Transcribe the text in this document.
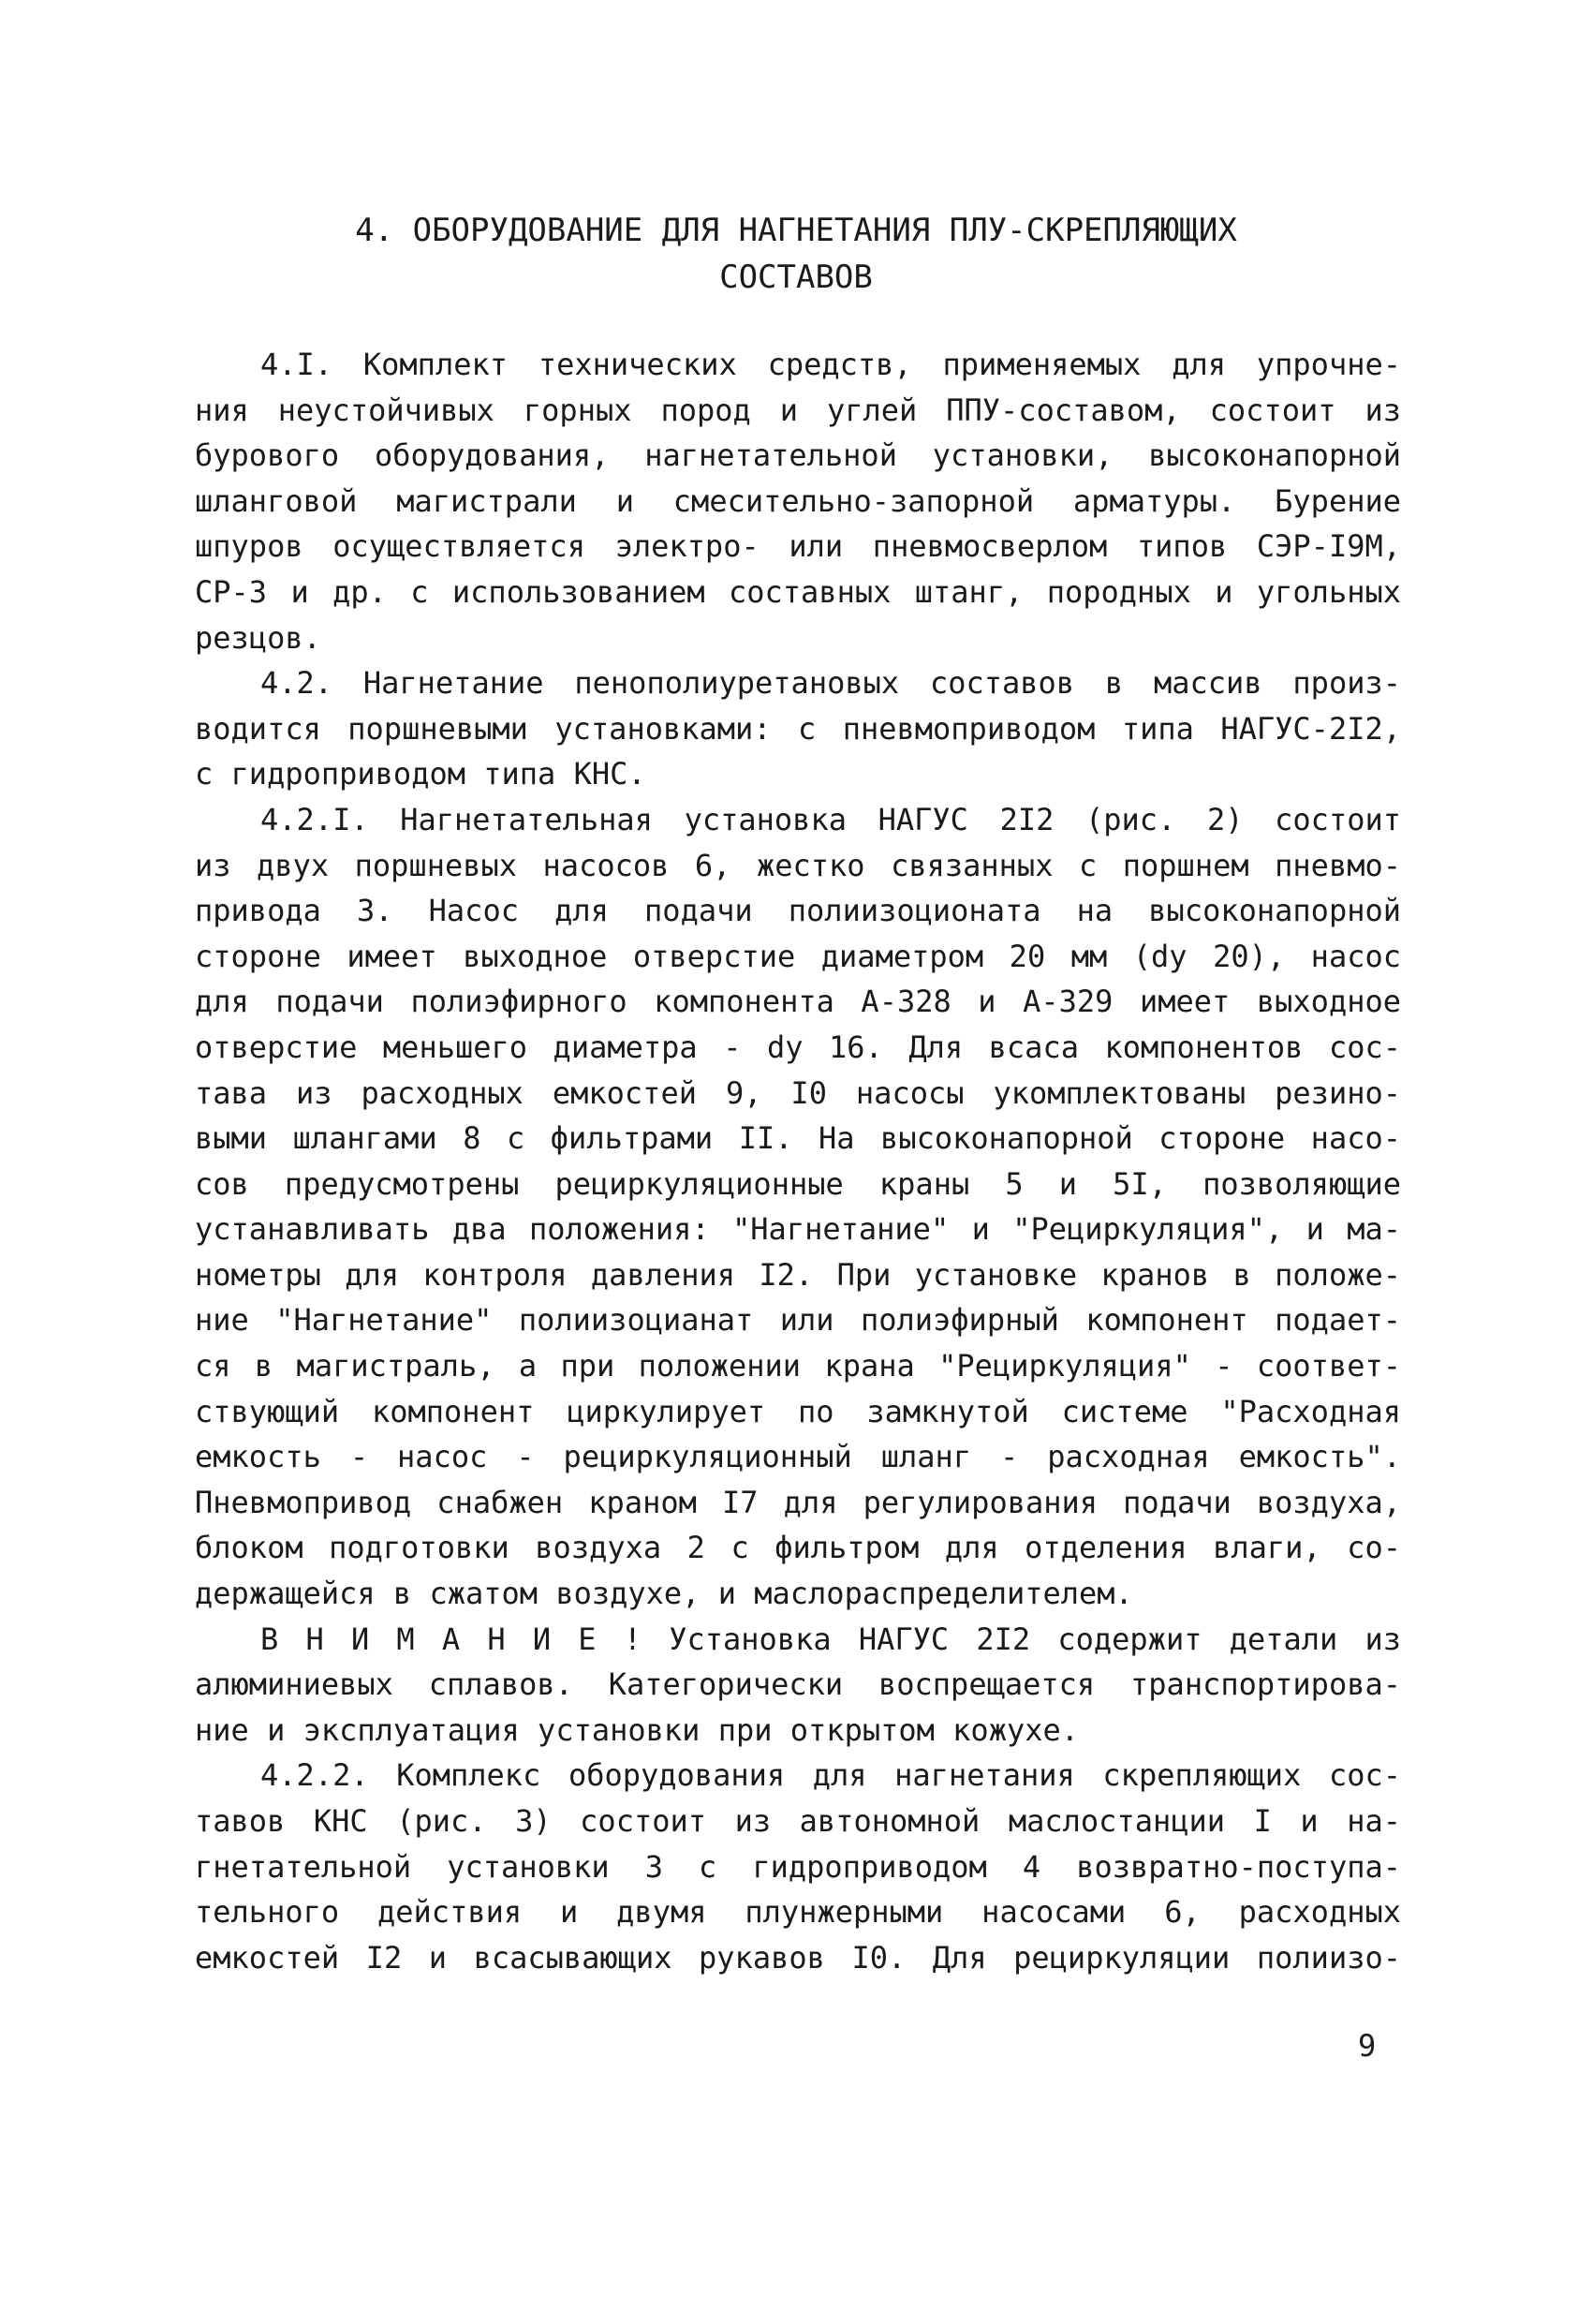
4. ОБОРУДОВАНИЕ ДЛЯ НАГНЕТАНИЯ ПЛУ-СКРЕПЛЯЮЩИХ
СОСТАВОВ
4.I. Комплект технических средств, применяемых для упрочне-
ния неустойчивых горных пород и углей ППУ-составом, состоит из
бурового оборудования, нагнетательной установки, высоконапорной
шланговой магистрали и смесительно-запорной арматуры. Бурение
шпуров осуществляется электро- или пневмосверлом типов СЭР-I9М,
СР-3 и др. с использованием составных штанг, породных и угольных
резцов.
4.2. Нагнетание пенополиуретановых составов в массив произ-
водится поршневыми установками: с пневмоприводом типа НАГУС-2I2,
с гидроприводом типа КНС.
4.2.I. Нагнетательная установка НАГУС 2I2 (рис. 2) состоит
из двух поршневых насосов 6, жестко связанных с поршнем пневмо-
привода 3. Насос для подачи полиизоционата на высоконапорной
стороне имеет выходное отверстие диаметром 20 мм (dу 20), насос
для подачи полиэфирного компонента А-328 и А-329 имеет выходное
отверстие меньшего диаметра - dу 16. Для всаса компонентов сос-
тава из расходных емкостей 9, I0 насосы укомплектованы резино-
выми шлангами 8 с фильтрами II. На высоконапорной стороне насо-
сов предусмотрены рециркуляционные краны 5 и 5I, позволяющие
устанавливать два положения: "Нагнетание" и "Рециркуляция", и ма-
нометры для контроля давления I2. При установке кранов в положе-
ние "Нагнетание" полиизоцианат или полиэфирный компонент подает-
ся в магистраль, а при положении крана "Рециркуляция" - соответ-
ствующий компонент циркулирует по замкнутой системе "Расходная
емкость - насос - рециркуляционный шланг - расходная емкость".
Пневмопривод снабжен краном I7 для регулирования подачи воздуха,
блоком подготовки воздуха 2 с фильтром для отделения влаги, со-
держащейся в сжатом воздухе, и маслораспределителем.
В Н И М А Н И Е ! Установка НАГУС 2I2 содержит детали из
алюминиевых сплавов. Категорически воспрещается транспортирова-
ние и эксплуатация установки при открытом кожухе.
4.2.2. Комплекс оборудования для нагнетания скрепляющих сос-
тавов КНС (рис. 3) состоит из автономной маслостанции I и на-
гнетательной установки 3 с гидроприводом 4 возвратно-поступа-
тельного действия и двумя плунжерными насосами 6, расходных
емкостей I2 и всасывающих рукавов I0. Для рециркуляции полиизо-
9
